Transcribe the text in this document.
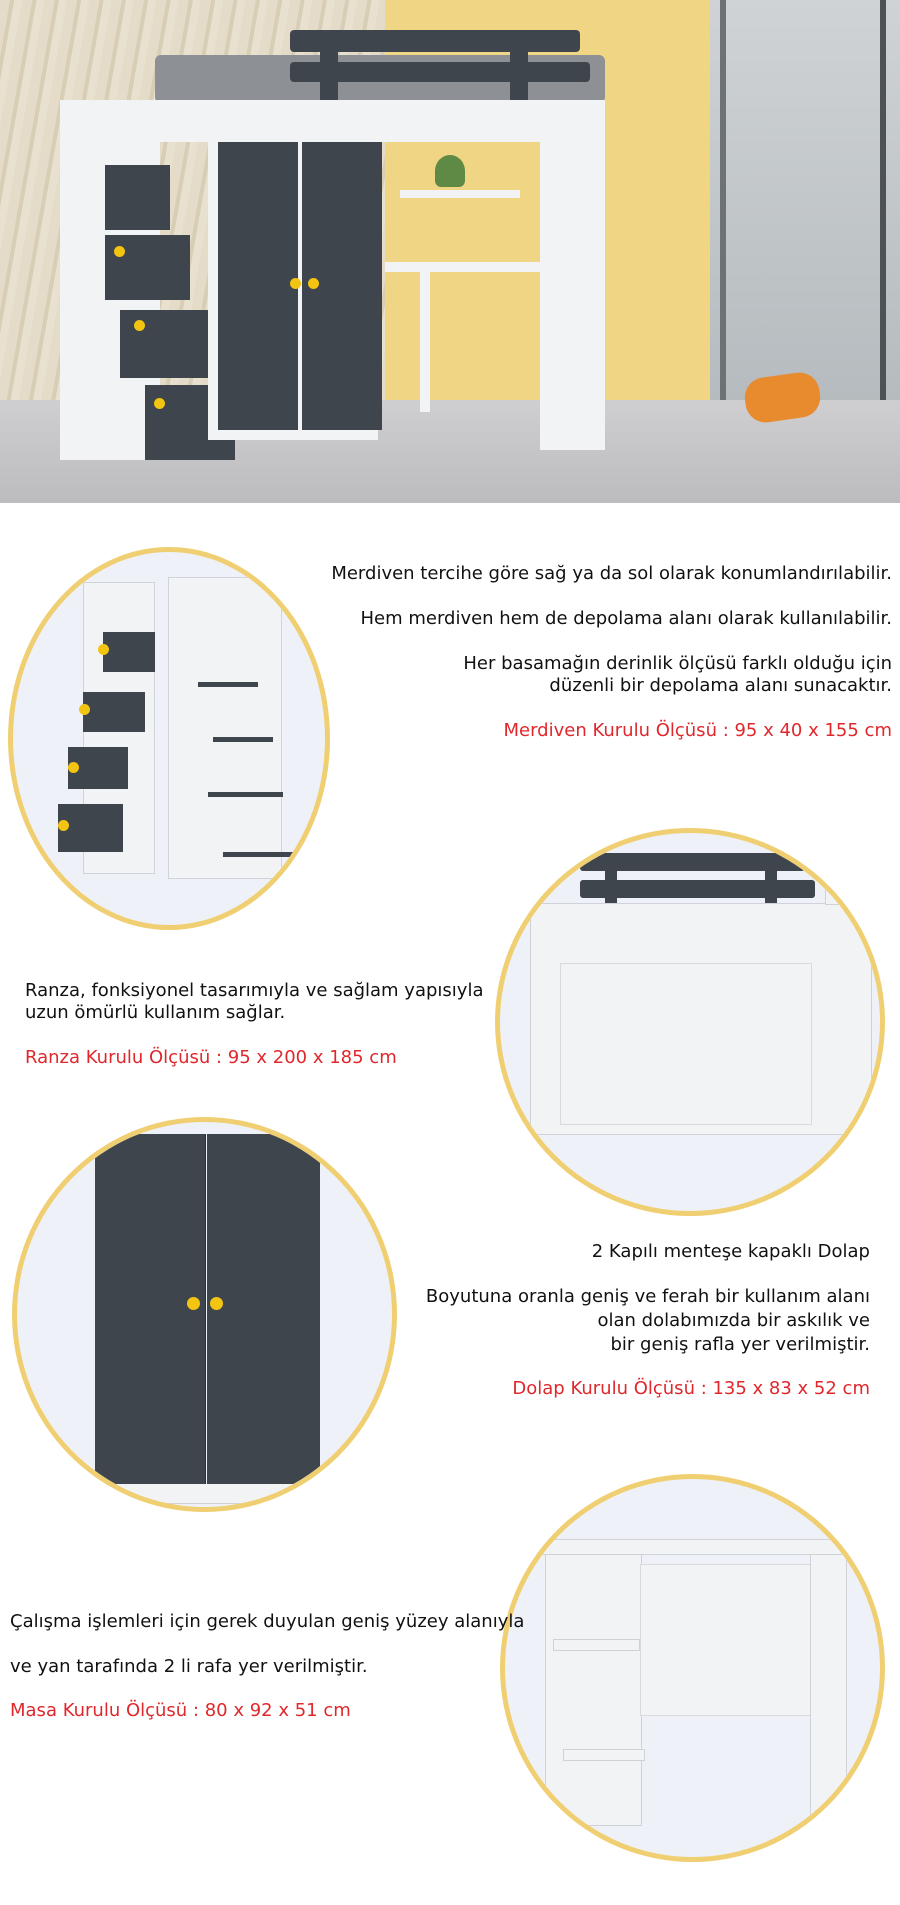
Merdiven tercihe göre sağ ya da sol olarak konumlandırılabilir.
Hem merdiven hem de depolama alanı olarak kullanılabilir.
Her basamağın derinlik ölçüsü farklı olduğu için
düzenli bir depolama alanı sunacaktır.
Merdiven Kurulu Ölçüsü : 95 x 40 x 155 cm
Ranza, fonksiyonel tasarımıyla ve sağlam yapısıyla
uzun ömürlü kullanım sağlar.
Ranza Kurulu Ölçüsü : 95 x 200 x 185 cm
2 Kapılı menteşe kapaklı Dolap
Boyutuna oranla geniş ve ferah bir kullanım alanı
olan dolabımızda bir askılık ve
bir geniş rafla yer verilmiştir.
Dolap Kurulu Ölçüsü : 135 x 83 x 52 cm
Çalışma işlemleri için gerek duyulan geniş yüzey alanıyla
ve yan tarafında 2 li rafa yer verilmiştir.
Masa Kurulu Ölçüsü : 80 x 92 x 51 cm
